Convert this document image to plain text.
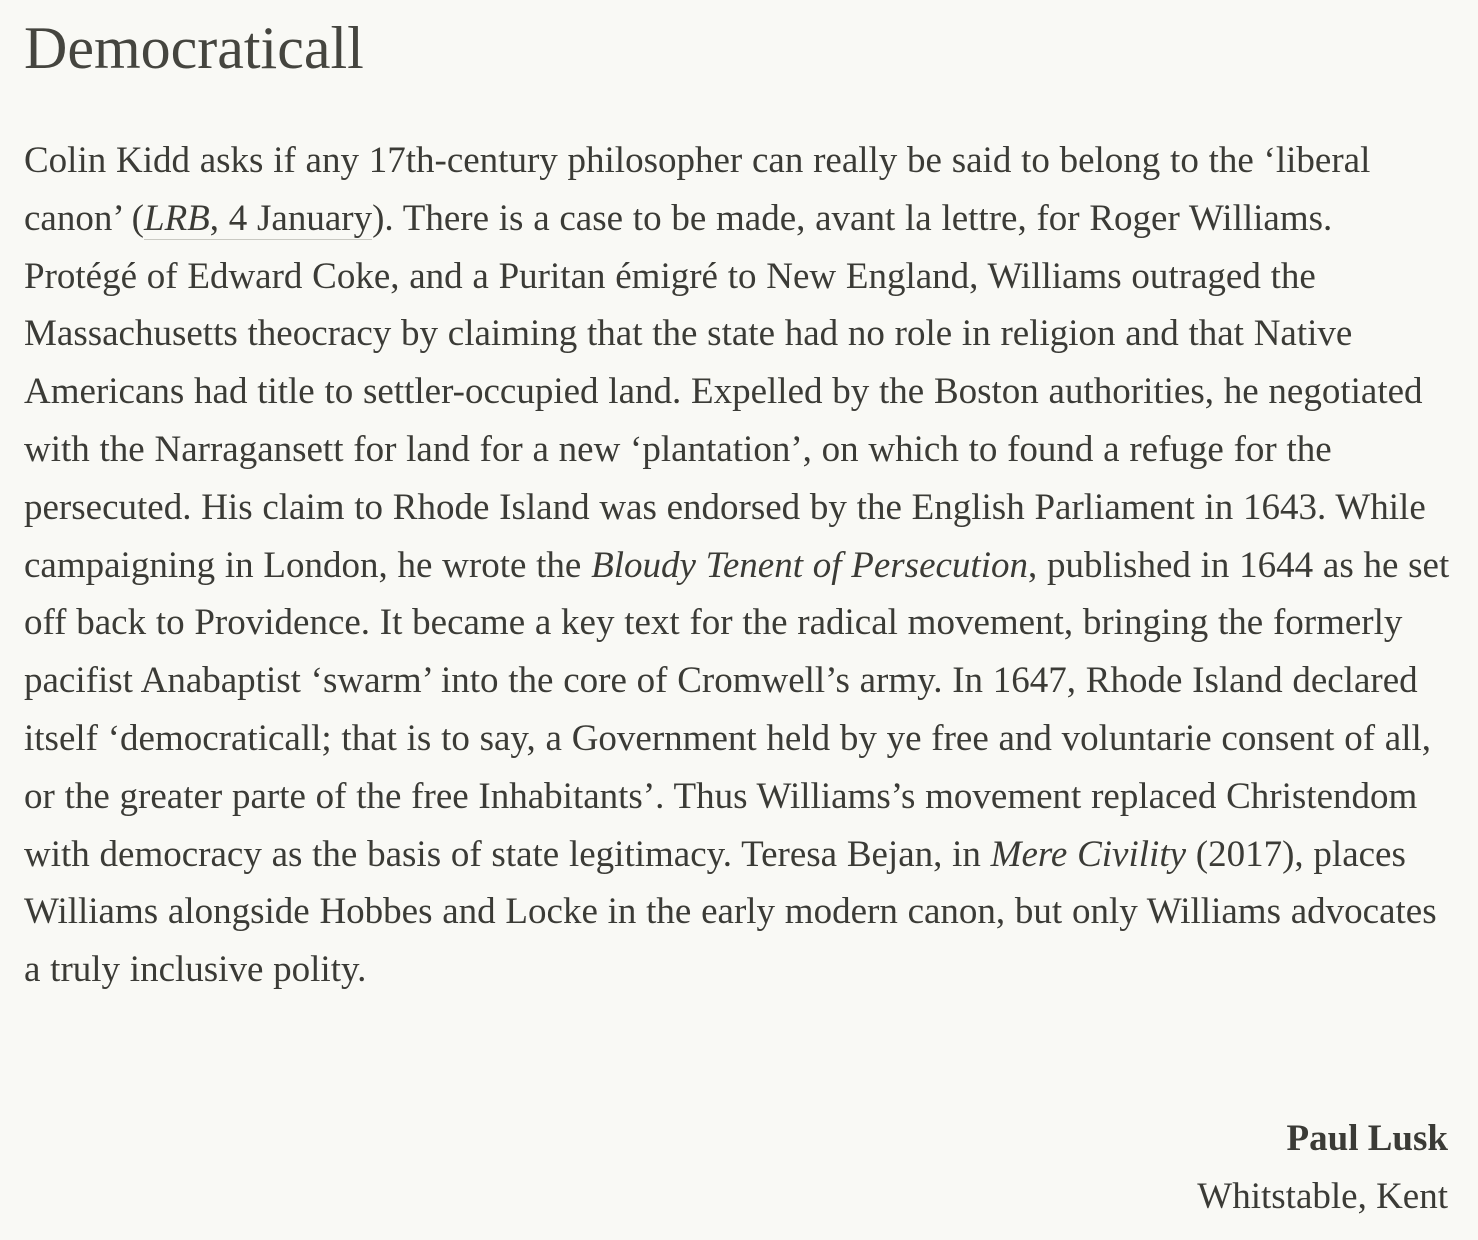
Democraticall

Colin Kidd asks if any 17th-century philosopher can really be said to belong to the ‘liberal canon’ (LRB, 4 January). There is a case to be made, avant la lettre, for Roger Williams. Protégé of Edward Coke, and a Puritan émigré to New England, Williams outraged the Massachusetts theocracy by claiming that the state had no role in religion and that Native Americans had title to settler-occupied land. Expelled by the Boston authorities, he negotiated with the Narragansett for land for a new ‘plantation’, on which to found a refuge for the persecuted. His claim to Rhode Island was endorsed by the English Parliament in 1643. While campaigning in London, he wrote the Bloudy Tenent of Persecution, published in 1644 as he set off back to Providence. It became a key text for the radical movement, bringing the formerly pacifist Anabaptist ‘swarm’ into the core of Cromwell’s army. In 1647, Rhode Island declared itself ‘democraticall; that is to say, a Government held by ye free and voluntarie consent of all, or the greater parte of the free Inhabitants’. Thus Williams’s movement replaced Christendom with democracy as the basis of state legitimacy. Teresa Bejan, in Mere Civility (2017), places Williams alongside Hobbes and Locke in the early modern canon, but only Williams advocates a truly inclusive polity.

Paul Lusk
Whitstable, Kent
